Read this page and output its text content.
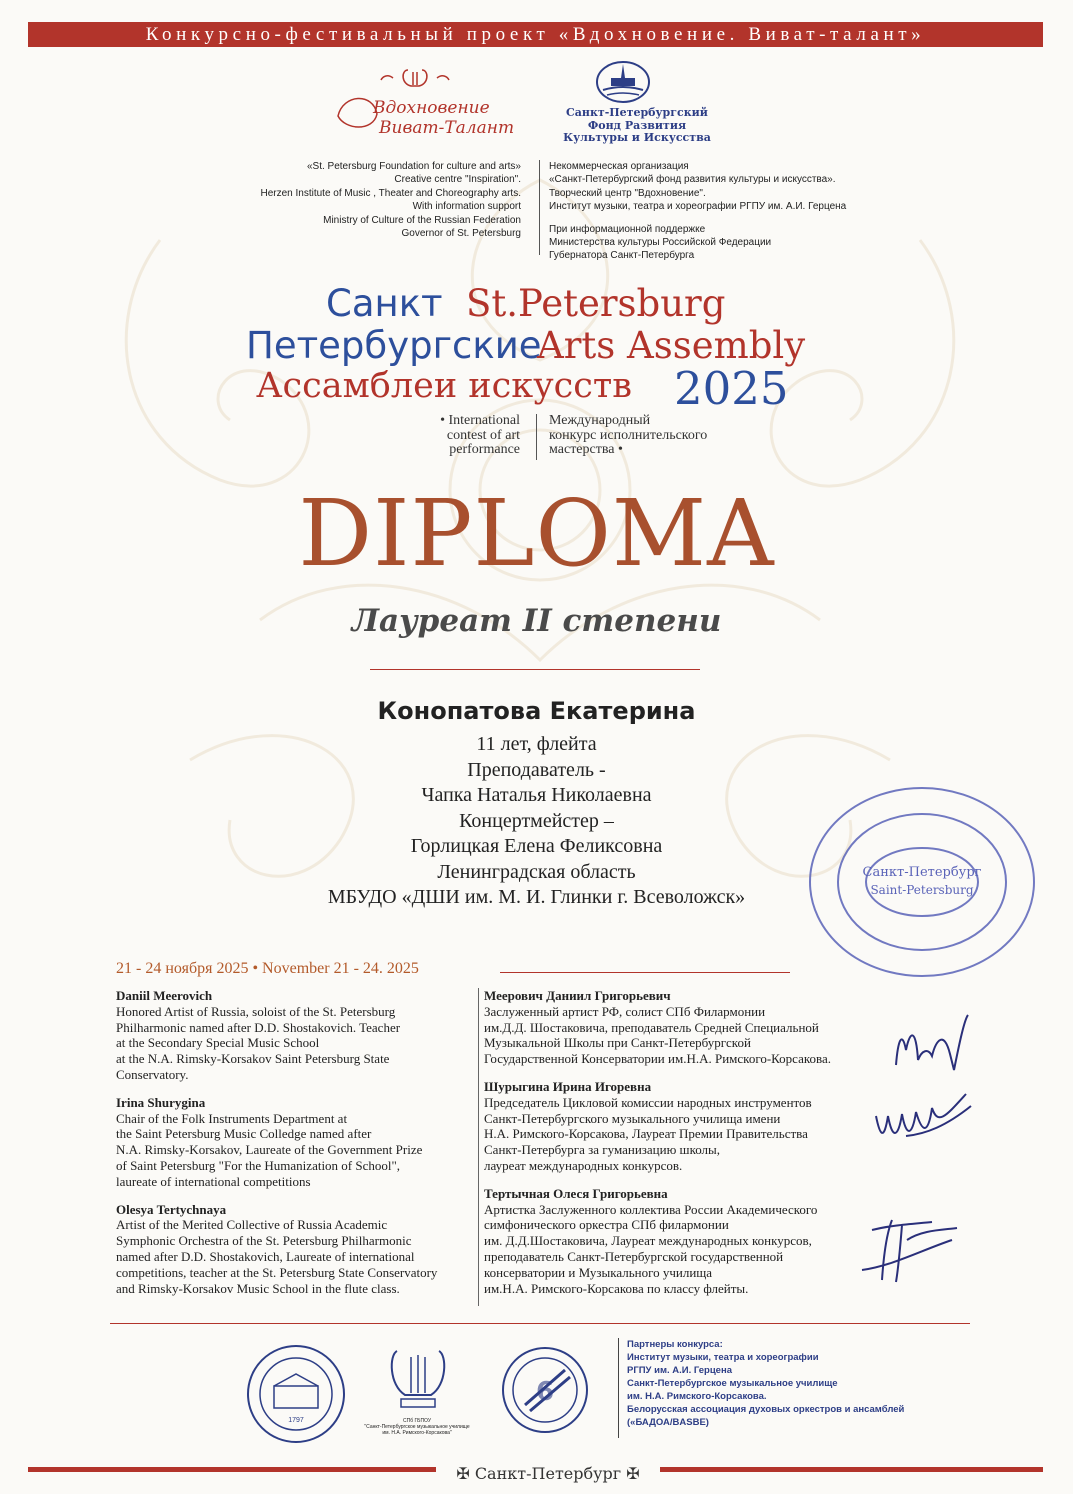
Конкурсно-фестивальный проект «Вдохновение. Виват-талант»
Вдохновение
Виват-Талант
Санкт-Петербургский
Фонд Развития
Культуры и Искусства
«St. Petersburg Foundation for culture and arts»
Creative centre "Inspiration".
Herzen Institute of Music , Theater and Choreography arts.
With information support
Ministry of Culture of the Russian Federation
Governor of St. Petersburg
Некоммерческая организация
«Санкт-Петербургский фонд развития культуры и искусства».
Творческий центр "Вдохновение".
Институт музыки, театра и хореографии РГПУ им. А.И. Герцена
При информационной поддержке
Министерства культуры Российской Федерации
Губернатора Санкт-Петербурга
Санкт St.Petersburg
Петербургские
Arts Assembly
Ассамблеи искусств 2025
• International
contest of art
performance
Международный
конкурс исполнительского
мастерства •
DIPLOMA
Лауреат II степени
Конопатова Екатерина
11 лет, флейта
Преподаватель -
Чапка Наталья Николаевна
Концертмейстер –
Горлицкая Елена Феликсовна
Ленинградская область
МБУДО «ДШИ им. М. И. Глинки г. Всеволожск»
Санкт-Петербург
Saint-Petersburg
21 - 24 ноября 2025 • November 21 - 24. 2025
Daniil Meerovich
Honored Artist of Russia, soloist of the St. Petersburg
Philharmonic named after D.D. Shostakovich. Teacher
at the Secondary Special Music School
at the N.A. Rimsky-Korsakov Saint Petersburg State
Conservatory.
Irina Shurygina
Chair of the Folk Instruments Department at
the Saint Petersburg Music Colledge named after
N.A. Rimsky-Korsakov, Laureate of the Government Prize
of Saint Petersburg "For the Humanization of School",
laureate of international competitions
Olesya Tertychnaya
Artist of the Merited Collective of Russia Academic
Symphonic Orchestra of the St. Petersburg Philharmonic
named after D.D. Shostakovich, Laureate of international
competitions, teacher at the St. Petersburg State Conservatory
and Rimsky-Korsakov Music School in the flute class.
Меерович Даниил Григорьевич
Заслуженный артист РФ, солист СПб Филармонии
им.Д.Д. Шостаковича, преподаватель Средней Специальной
Музыкальной Школы при Санкт-Петербургской
Государственной Консерватории им.Н.А. Римского-Корсакова.
Шурыгина Ирина Игоревна
Председатель Цикловой комиссии народных инструментов
Санкт-Петербургского музыкального училища имени
Н.А. Римского-Корсакова, Лауреат Премии Правительства
Санкт-Петербурга за гуманизацию школы,
лауреат международных конкурсов.
Тертычная Олеся Григорьевна
Артистка Заслуженного коллектива России Академического
симфонического оркестра СПб филармонии
им. Д.Д.Шостаковича, Лауреат международных конкурсов,
преподаватель Санкт-Петербургской государственной
консерватории и Музыкального училища
им.Н.А. Римского-Корсакова по классу флейты.
1797	СПб ГБПОУ
"Санкт-Петербургское музыкальное училище
им. Н.А. Римского-Корсакова"
6
Партнеры конкурса:
Институт музыки, театра и хореографии
РГПУ им. А.И. Герцена
Санкт-Петербургское музыкальное училище
им. Н.А. Римского-Корсакова.
Белорусская ассоциация духовых оркестров и ансамблей
(«БАДОА/BASBE)
✠ Санкт-Петербург ✠
